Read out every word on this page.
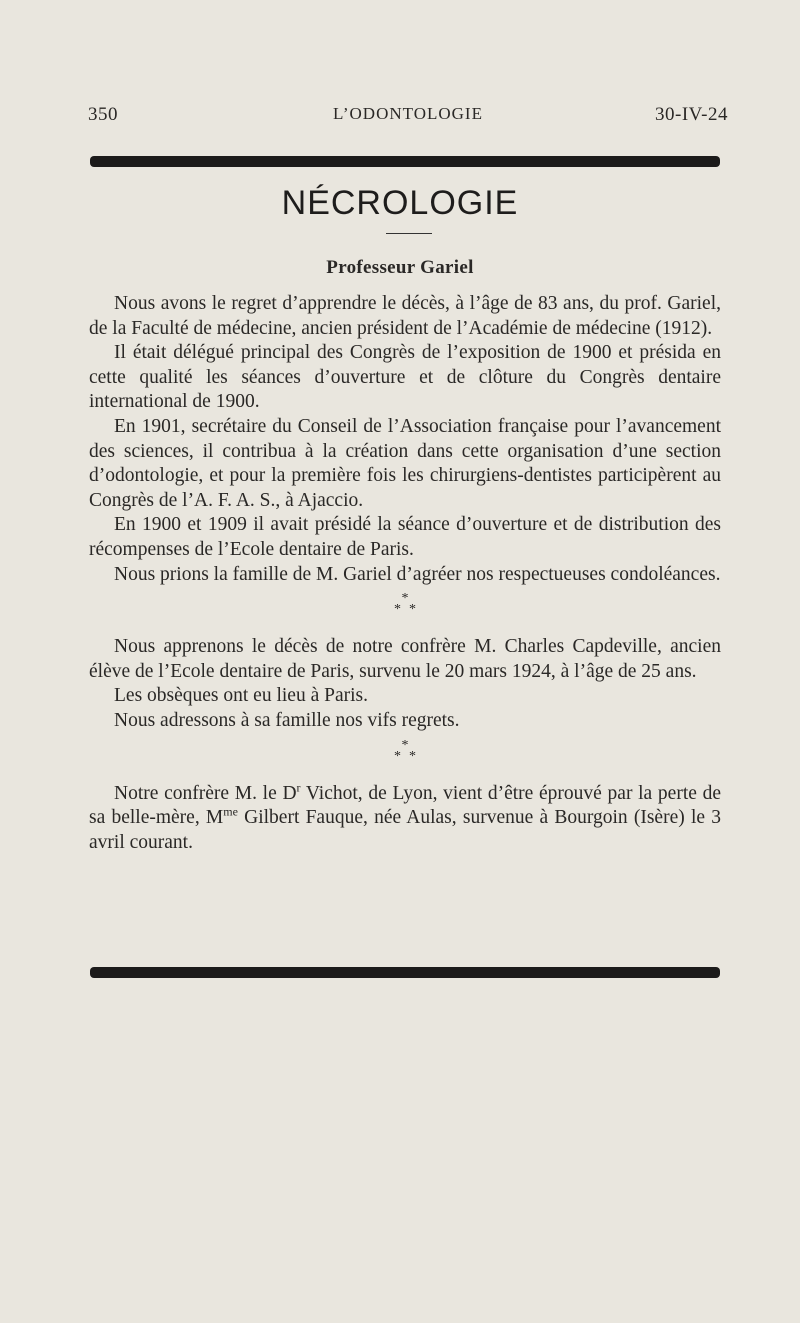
350	L’ODONTOLOGIE	30-IV-24
NÉCROLOGIE
Professeur Gariel

Nous avons le regret d’apprendre le décès, à l’âge de 83 ans, du prof. Gariel, de la Faculté de médecine, ancien président de l’Académie de médecine (1912).

Il était délégué principal des Congrès de l’exposition de 1900 et présida en cette qualité les séances d’ouverture et de clôture du Congrès dentaire international de 1900.

En 1901, secrétaire du Conseil de l’Association française pour l’avancement des sciences, il contribua à la création dans cette organisation d’une section d’odontologie, et pour la première fois les chirurgiens-dentistes participèrent au Congrès de l’A. F. A. S., à Ajaccio.

En 1900 et 1909 il avait présidé la séance d’ouverture et de distribution des récompenses de l’Ecole dentaire de Paris.

Nous prions la famille de M. Gariel d’agréer nos respectueuses condoléances.

*
**

Nous apprenons le décès de notre confrère M. Charles Capdeville, ancien élève de l’Ecole dentaire de Paris, survenu le 20 mars 1924, à l’âge de 25 ans.

Les obsèques ont eu lieu à Paris.

Nous adressons à sa famille nos vifs regrets.

*
**

Notre confrère M. le $D^r$ Vichot, de Lyon, vient d’être éprouvé par la perte de sa belle-mère, $M^{me}$ Gilbert Fauque, née Aulas, survenue à Bourgoin (Isère) le 3 avril courant.
